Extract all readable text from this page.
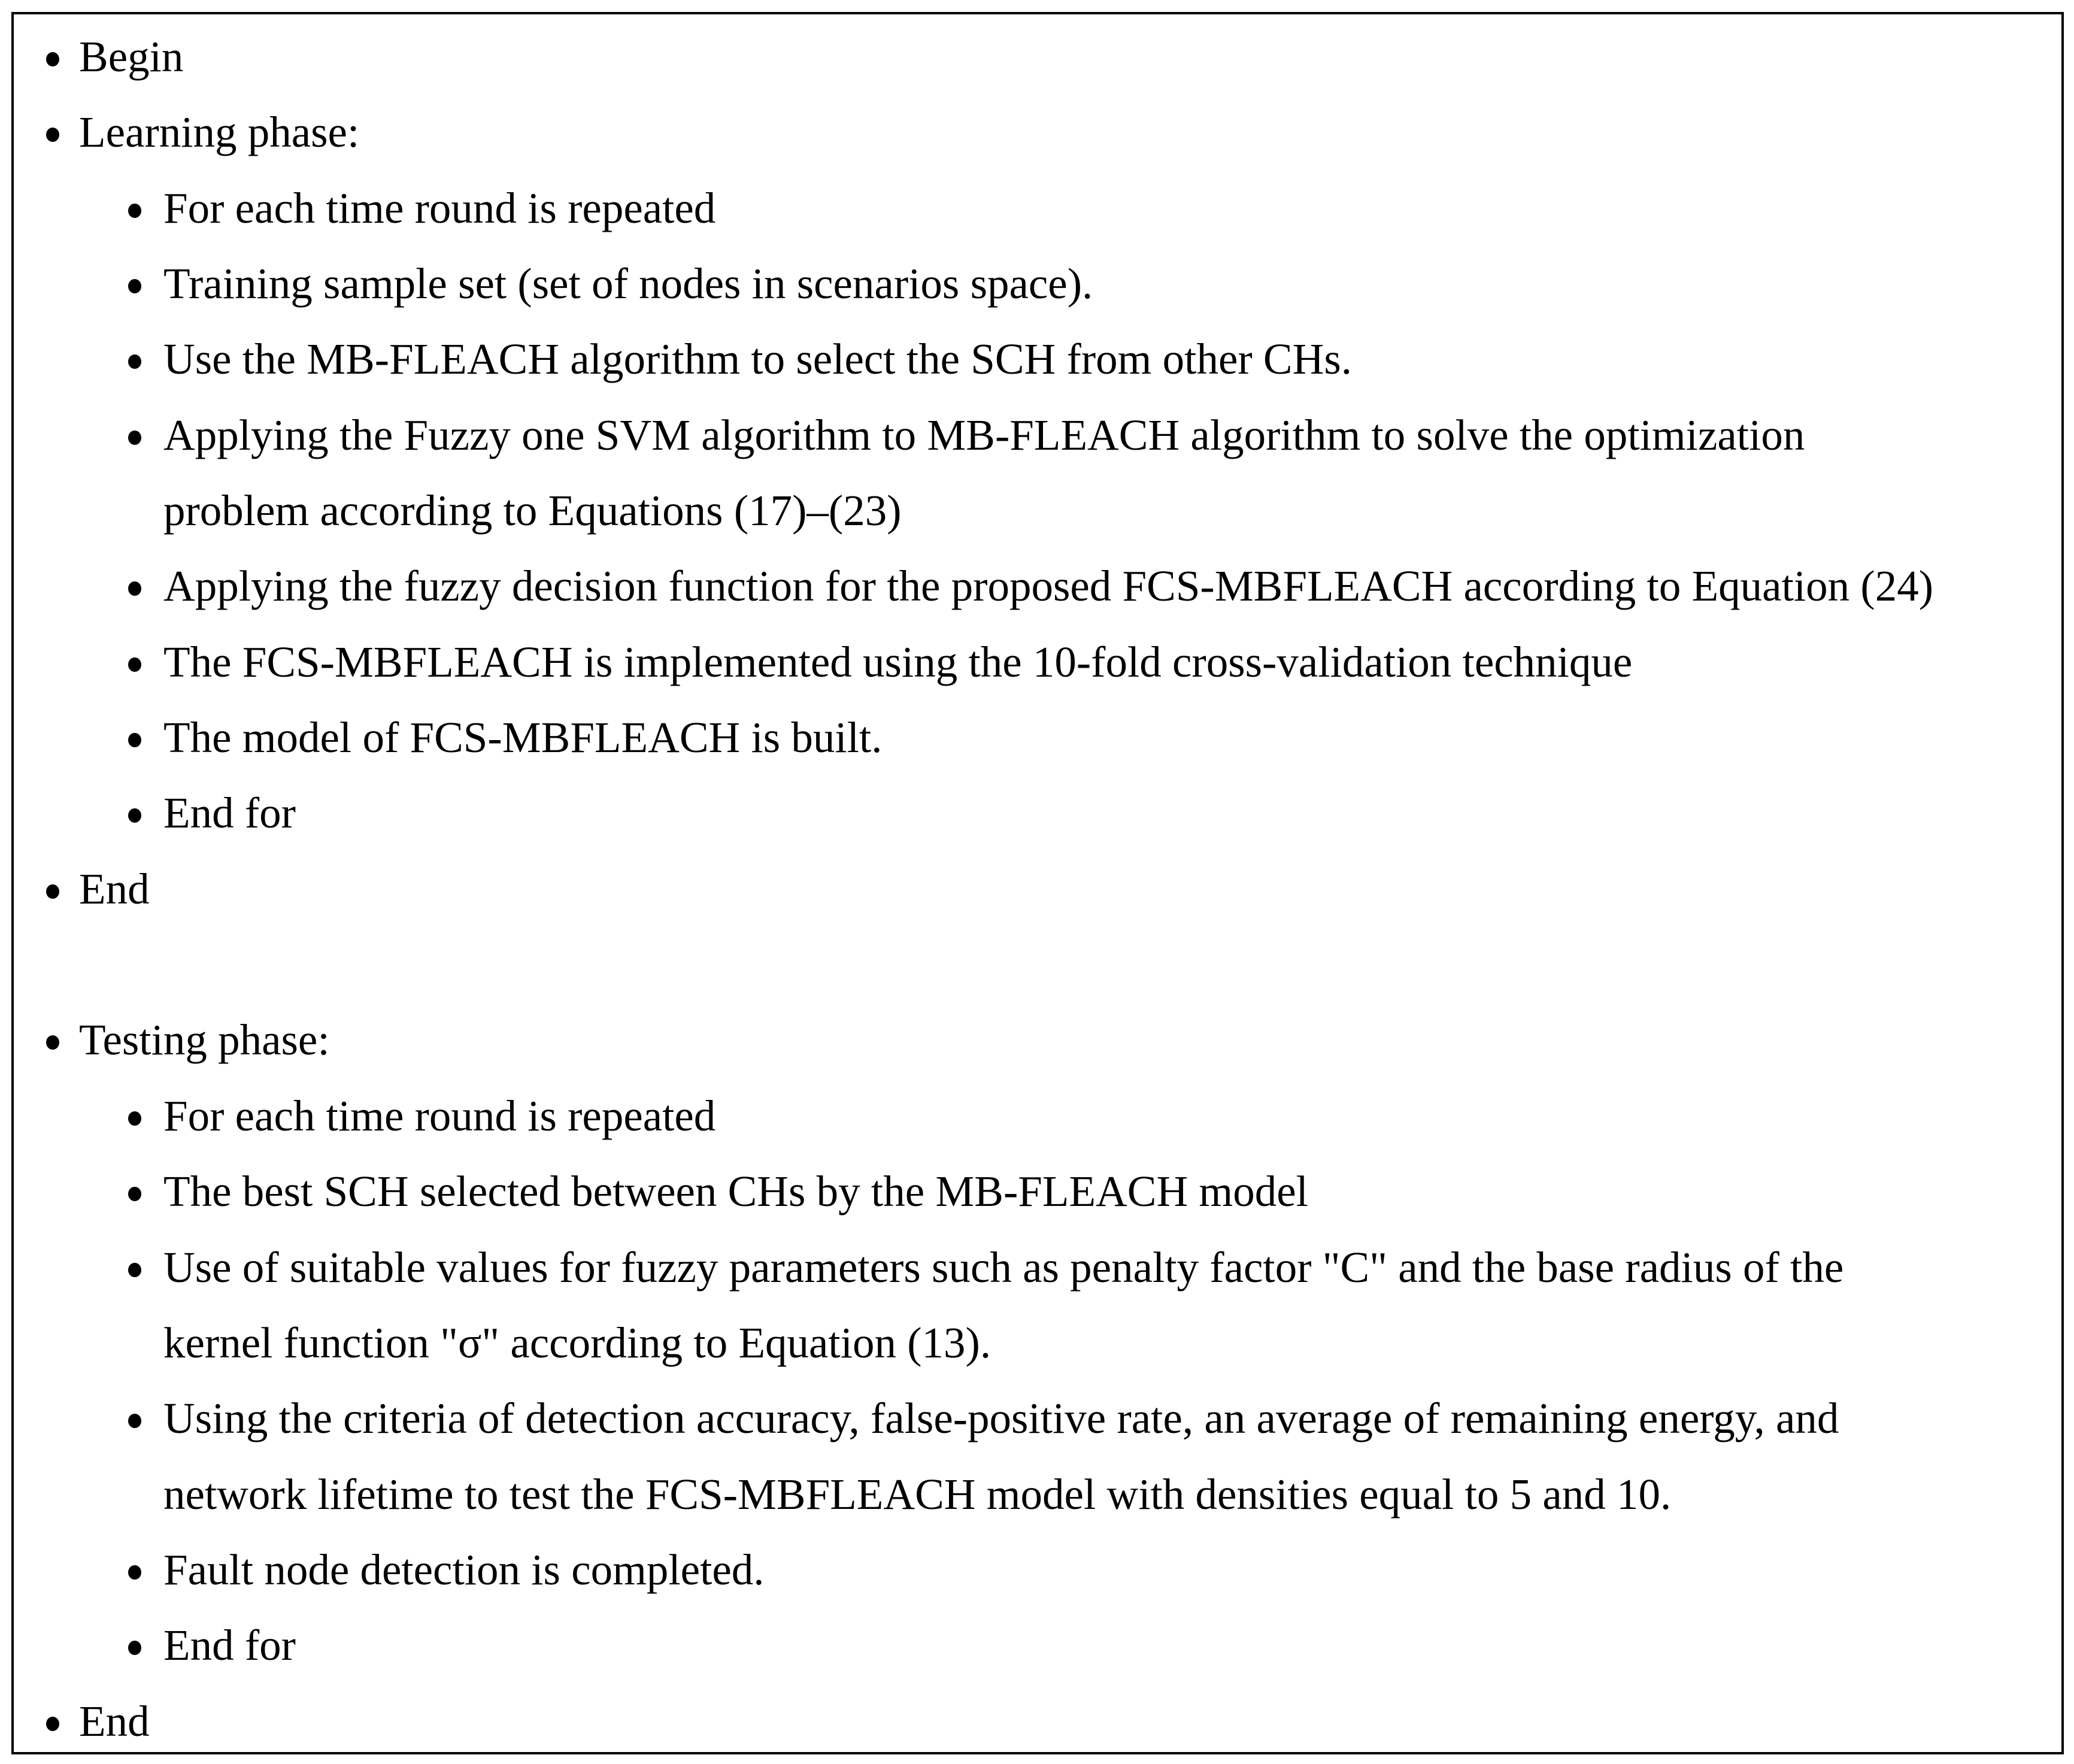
Begin
Learning phase:
For each time round is repeated
Training sample set (set of nodes in scenarios space).
Use the MB-FLEACH algorithm to select the SCH from other CHs.
Applying the Fuzzy one SVM algorithm to MB-FLEACH algorithm to solve the optimization
problem according to Equations (17)–(23)
Applying the fuzzy decision function for the proposed FCS-MBFLEACH according to Equation (24)
The FCS-MBFLEACH is implemented using the 10-fold cross-validation technique
The model of FCS-MBFLEACH is built.
End for
End
Testing phase:
For each time round is repeated
The best SCH selected between CHs by the MB-FLEACH model
Use of suitable values for fuzzy parameters such as penalty factor "C" and the base radius of the
kernel function "σ" according to Equation (13).
Using the criteria of detection accuracy, false-positive rate, an average of remaining energy, and
network lifetime to test the FCS-MBFLEACH model with densities equal to 5 and 10.
Fault node detection is completed.
End for
End
